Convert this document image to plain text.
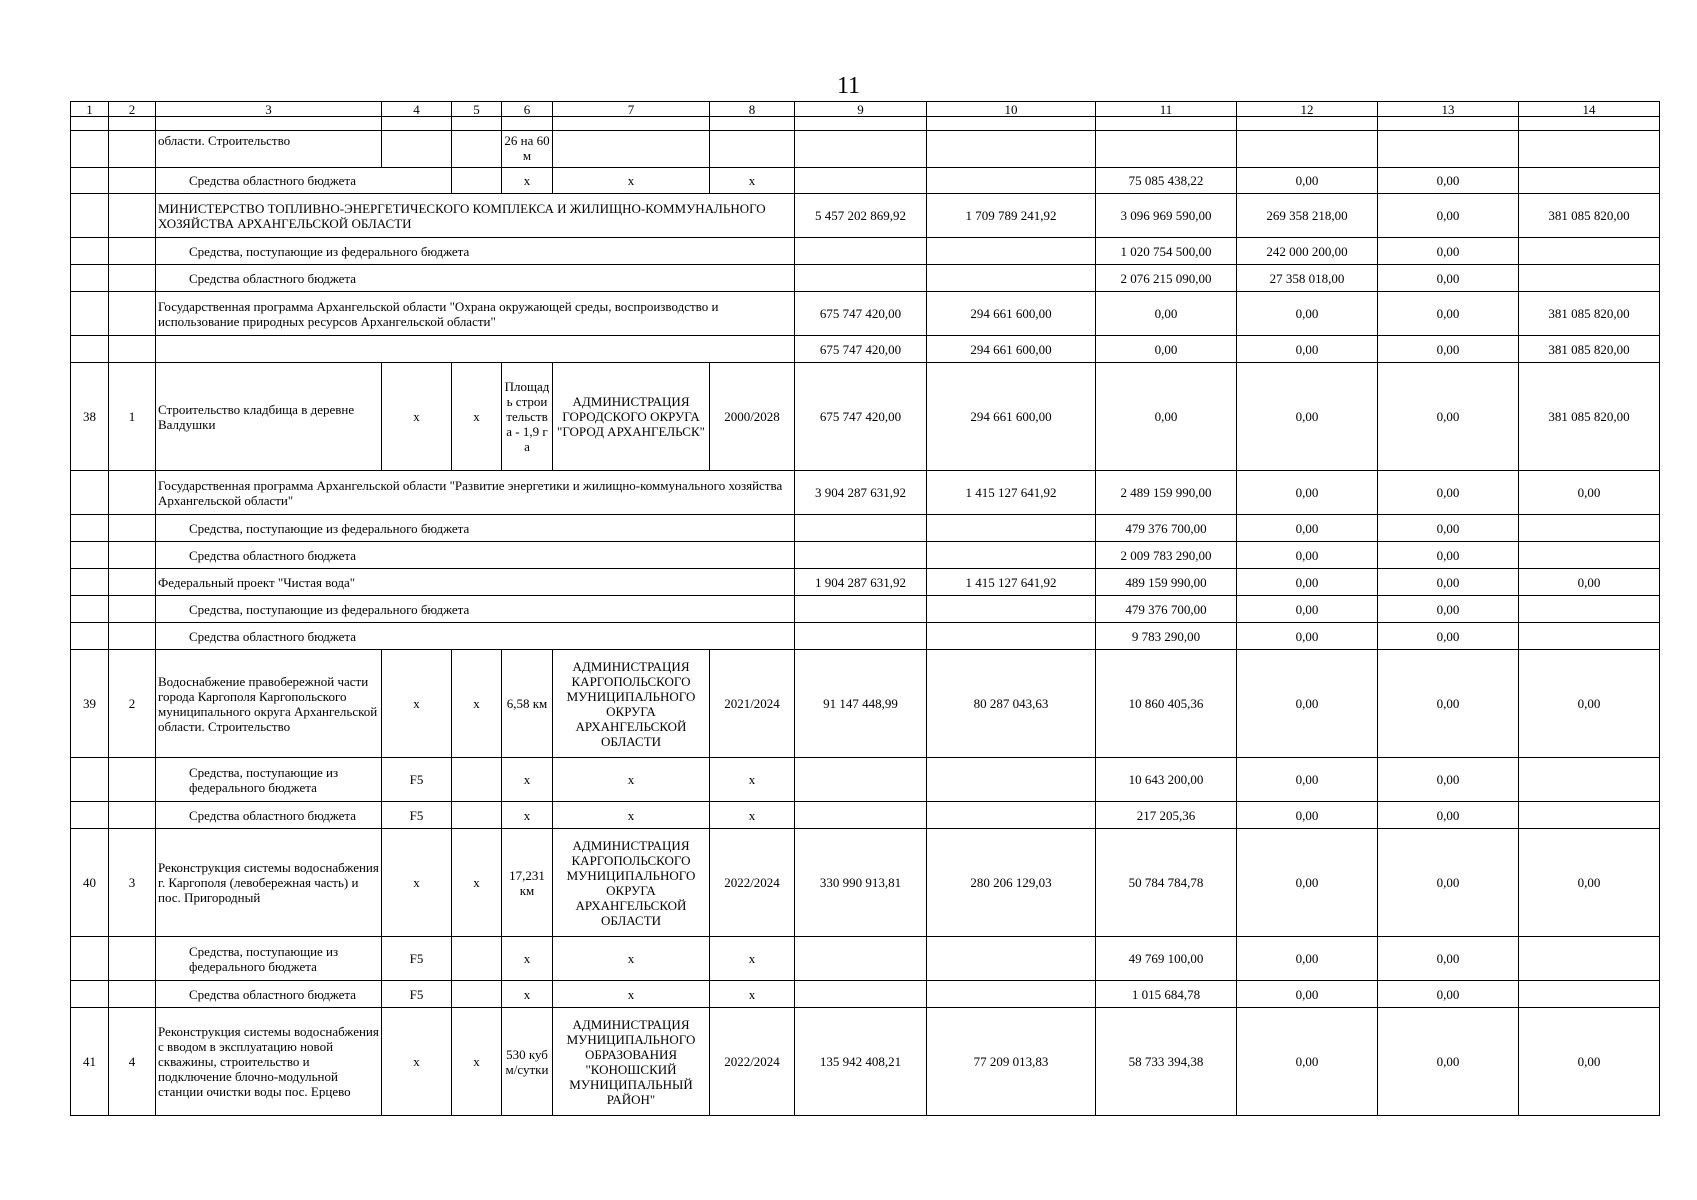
11
1	2	3	4	5	6	7	8	9	10	11	12	13	14

		области. Строительство			26 на 60 м								
		Средства областного бюджета			х	х	х			75 085 438,22	0,00	0,00	
		МИНИСТЕРСТВО ТОПЛИВНО-ЭНЕРГЕТИЧЕСКОГО КОМПЛЕКСА И ЖИЛИЩНО-КОММУНАЛЬНОГО ХОЗЯЙСТВА АРХАНГЕЛЬСКОЙ ОБЛАСТИ						5 457 202 869,92	1 709 789 241,92	3 096 969 590,00	269 358 218,00	0,00	381 085 820,00
		Средства, поступающие из федерального бюджета								1 020 754 500,00	242 000 200,00	0,00	
		Средства областного бюджета								2 076 215 090,00	27 358 018,00	0,00	
		Государственная программа Архангельской области "Охрана окружающей среды, воспроизводство и использование природных ресурсов Архангельской области"						675 747 420,00	294 661 600,00	0,00	0,00	0,00	381 085 820,00
								675 747 420,00	294 661 600,00	0,00	0,00	0,00	381 085 820,00
38	1	Строительство кладбища в деревне Валдушки	х	х	Площадь строительства - 1,9 га	АДМИНИСТРАЦИЯ ГОРОДСКОГО ОКРУГА "ГОРОД АРХАНГЕЛЬСК"	2000/2028	675 747 420,00	294 661 600,00	0,00	0,00	0,00	381 085 820,00
		Государственная программа Архангельской области "Развитие энергетики и жилищно-коммунального хозяйства Архангельской области"						3 904 287 631,92	1 415 127 641,92	2 489 159 990,00	0,00	0,00	0,00
		Средства, поступающие из федерального бюджета								479 376 700,00	0,00	0,00	
		Средства областного бюджета								2 009 783 290,00	0,00	0,00	
		Федеральный проект "Чистая вода"						1 904 287 631,92	1 415 127 641,92	489 159 990,00	0,00	0,00	0,00
		Средства, поступающие из федерального бюджета								479 376 700,00	0,00	0,00	
		Средства областного бюджета								9 783 290,00	0,00	0,00	
39	2	Водоснабжение правобережной части города Каргополя Каргопольского муниципального округа Архангельской области. Строительство	х	х	6,58 км	АДМИНИСТРАЦИЯ КАРГОПОЛЬСКОГО МУНИЦИПАЛЬНОГО ОКРУГА АРХАНГЕЛЬСКОЙ ОБЛАСТИ	2021/2024	91 147 448,99	80 287 043,63	10 860 405,36	0,00	0,00	0,00
		Средства, поступающие из федерального бюджета	F5		х	х	х			10 643 200,00	0,00	0,00	
		Средства областного бюджета	F5		х	х	х			217 205,36	0,00	0,00	
40	3	Реконструкция системы водоснабжения г. Каргополя (левобережная часть) и пос. Пригородный	х	х	17,231 км	АДМИНИСТРАЦИЯ КАРГОПОЛЬСКОГО МУНИЦИПАЛЬНОГО ОКРУГА АРХАНГЕЛЬСКОЙ ОБЛАСТИ	2022/2024	330 990 913,81	280 206 129,03	50 784 784,78	0,00	0,00	0,00
		Средства, поступающие из федерального бюджета	F5		х	х	х			49 769 100,00	0,00	0,00	
		Средства областного бюджета	F5		х	х	х			1 015 684,78	0,00	0,00	
41	4	Реконструкция системы водоснабжения с вводом в эксплуатацию новой скважины, строительство и подключение блочно-модульной станции очистки воды пос. Ерцево	х	х	530 куб м/сутки	АДМИНИСТРАЦИЯ МУНИЦИПАЛЬНОГО ОБРАЗОВАНИЯ "КОНОШСКИЙ МУНИЦИПАЛЬНЫЙ РАЙОН"	2022/2024	135 942 408,21	77 209 013,83	58 733 394,38	0,00	0,00	0,00
